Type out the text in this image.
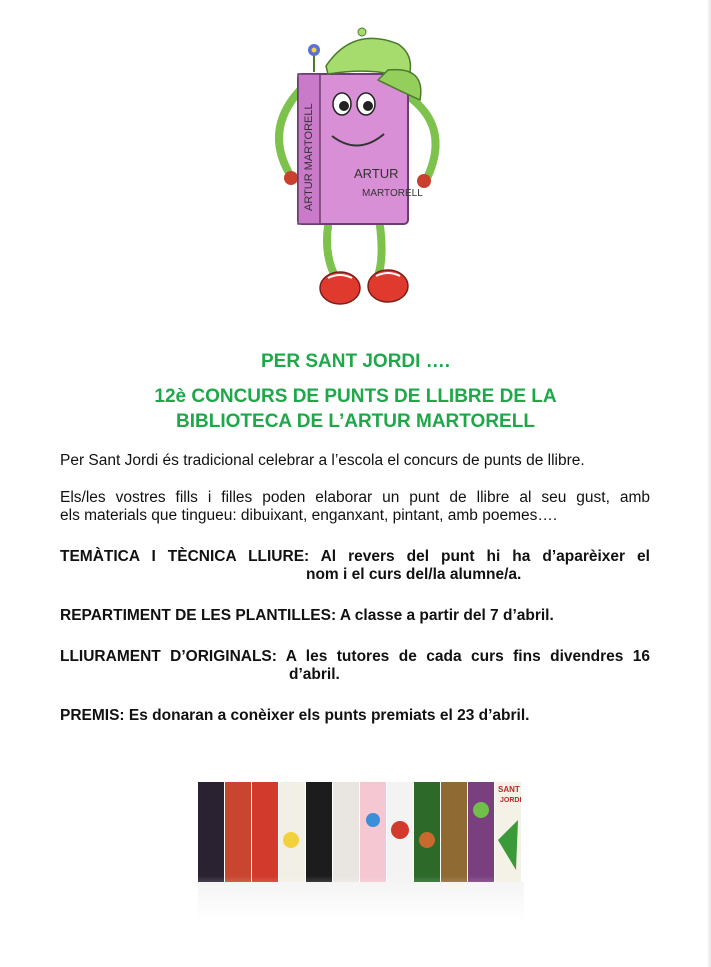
ARTUR MARTORELL	ARTUR
MARTORELL
PER SANT JORDI ….
12è CONCURS DE PUNTS DE LLIBRE DE LA
BIBLIOTECA DE L’ARTUR MARTORELL

Per Sant Jordi és tradicional celebrar a l’escola el concurs de punts de llibre.

Els/les vostres fills i filles poden elaborar un punt de llibre al seu gust, amb
els materials que tingueu: dibuixant, enganxant, pintant, amb poemes….

TEMÀTICA I TÈCNICA LLIURE: Al revers del punt hi ha d’aparèixer el
nom i el curs del/la alumne/a.
REPARTIMENT DE LES PLANTILLES: A classe a partir del 7 d’abril.
LLIURAMENT D’ORIGINALS: A les tutores de cada curs fins divendres 16
d’abril.
PREMIS: Es donaran a conèixer els punts premiats el 23 d’abril.
SANT
JORDI
